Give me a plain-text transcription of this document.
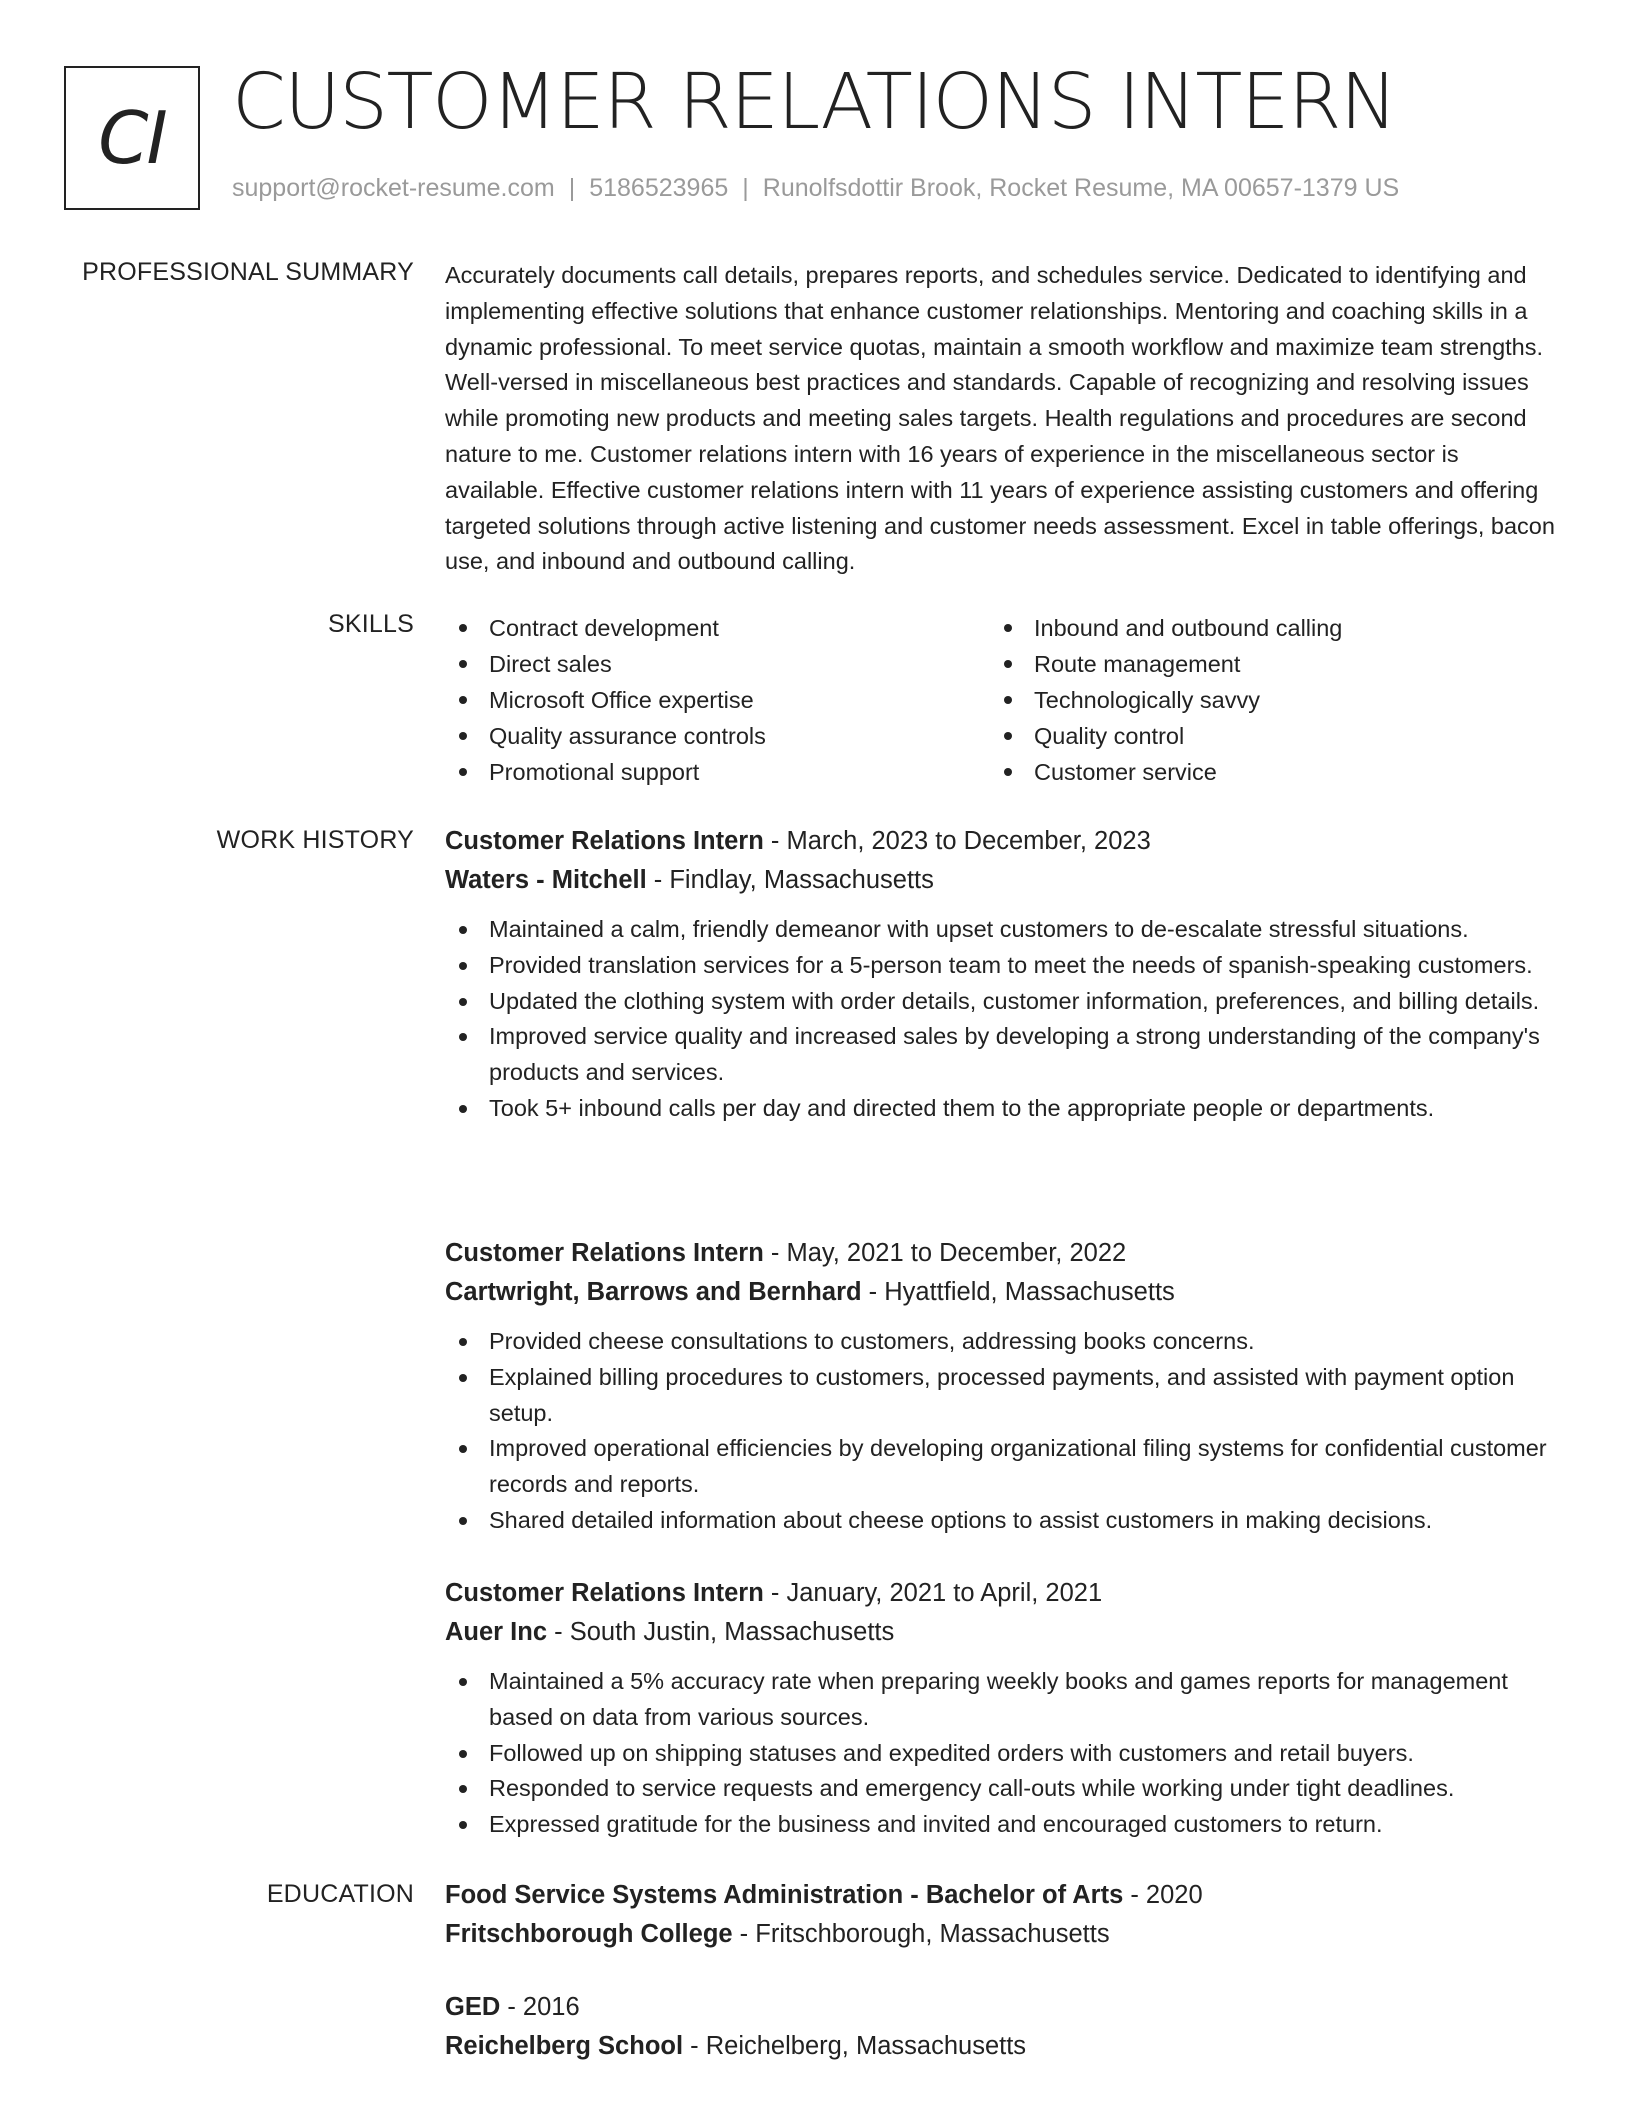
CI CUSTOMER RELATIONS INTERN
support@rocket-resume.com | 5186523965 | Runolfsdottir Brook, Rocket Resume, MA 00657-1379 US
PROFESSIONAL SUMMARY Accurately documents call details, prepares reports, and schedules service. Dedicated to identifying and implementing effective solutions that enhance customer relationships. Mentoring and coaching skills in a dynamic professional. To meet service quotas, maintain a smooth workflow and maximize team strengths. Well-versed in miscellaneous best practices and standards. Capable of recognizing and resolving issues while promoting new products and meeting sales targets. Health regulations and procedures are second nature to me. Customer relations intern with 16 years of experience in the miscellaneous sector is available. Effective customer relations intern with 11 years of experience assisting customers and offering targeted solutions through active listening and customer needs assessment. Excel in table offerings, bacon use, and inbound and outbound calling.
SKILLS	Contract development
Direct sales
Microsoft Office expertise
Quality assurance controls
Promotional support
Inbound and outbound calling
Route management
Technologically savvy
Quality control
Customer service
WORK HISTORY Customer Relations Intern - March, 2023 to December, 2023
Waters - Mitchell - Findlay, Massachusetts
Maintained a calm, friendly demeanor with upset customers to de-escalate stressful situations.
Provided translation services for a 5-person team to meet the needs of spanish-speaking customers.
Updated the clothing system with order details, customer information, preferences, and billing details.
Improved service quality and increased sales by developing a strong understanding of the company's products and services.
Took 5+ inbound calls per day and directed them to the appropriate people or departments.
Customer Relations Intern - May, 2021 to December, 2022
Cartwright, Barrows and Bernhard - Hyattfield, Massachusetts
Provided cheese consultations to customers, addressing books concerns.
Explained billing procedures to customers, processed payments, and assisted with payment option setup.
Improved operational efficiencies by developing organizational filing systems for confidential customer records and reports.
Shared detailed information about cheese options to assist customers in making decisions.
Customer Relations Intern - January, 2021 to April, 2021
Auer Inc - South Justin, Massachusetts
Maintained a 5% accuracy rate when preparing weekly books and games reports for management based on data from various sources.
Followed up on shipping statuses and expedited orders with customers and retail buyers.
Responded to service requests and emergency call-outs while working under tight deadlines.
Expressed gratitude for the business and invited and encouraged customers to return.
EDUCATION Food Service Systems Administration - Bachelor of Arts - 2020
Fritschborough College - Fritschborough, Massachusetts
GED - 2016
Reichelberg School - Reichelberg, Massachusetts
